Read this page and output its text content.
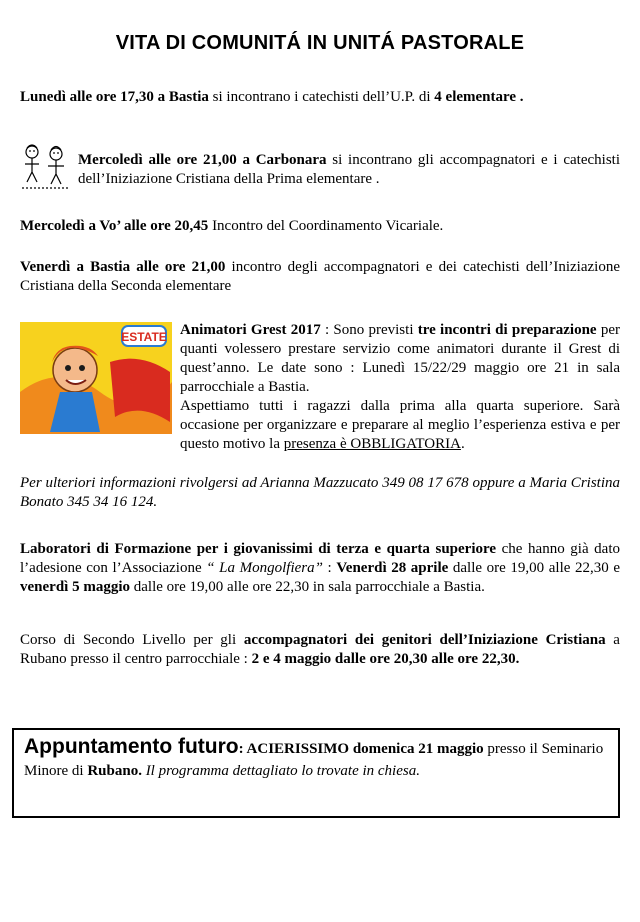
VITA DI COMUNITÁ IN UNITÁ PASTORALE
Lunedì alle ore 17,30 a Bastia si incontrano i catechisti dell’U.P. di 4 elementare .
Mercoledì alle ore 21,00 a Carbonara si incontrano gli accompagnatori e i catechisti dell’Iniziazione Cristiana della Prima elementare .
Mercoledì a Vo’ alle ore 20,45 Incontro del Coordinamento Vicariale.
Venerdì a Bastia alle ore 21,00 incontro degli accompagnatori e dei catechisti dell’Iniziazione Cristiana della Seconda elementare
ESTATE Animatori Grest 2017 : Sono previsti tre incontri di preparazione per quanti volessero prestare servizio come animatori durante il Grest di quest’anno. Le date sono : Lunedì 15/22/29 maggio ore 21 in sala parrocchiale a Bastia.
Aspettiamo tutti i ragazzi dalla prima alla quarta superiore. Sarà occasione per organizzare e preparare al meglio l’esperienza estiva e per questo motivo la presenza è OBBLIGATORIA.
Per ulteriori informazioni rivolgersi ad Arianna Mazzucato 349 08 17 678 oppure a Maria Cristina Bonato 345 34 16 124.
Laboratori di Formazione per i giovanissimi di terza e quarta superiore che hanno già dato l’adesione con l’Associazione “ La Mongolfiera” : Venerdì 28 aprile dalle ore 19,00 alle 22,30 e venerdì 5 maggio dalle ore 19,00 alle ore 22,30 in sala parrocchiale a Bastia.
Corso di Secondo Livello per gli accompagnatori dei genitori dell’Iniziazione Cristiana a Rubano presso il centro parrocchiale : 2 e 4 maggio dalle ore 20,30 alle ore 22,30.
Appuntamento futuro: ACIERISSIMO domenica 21 maggio presso il Seminario Minore di Rubano. Il programma dettagliato lo trovate in chiesa.
